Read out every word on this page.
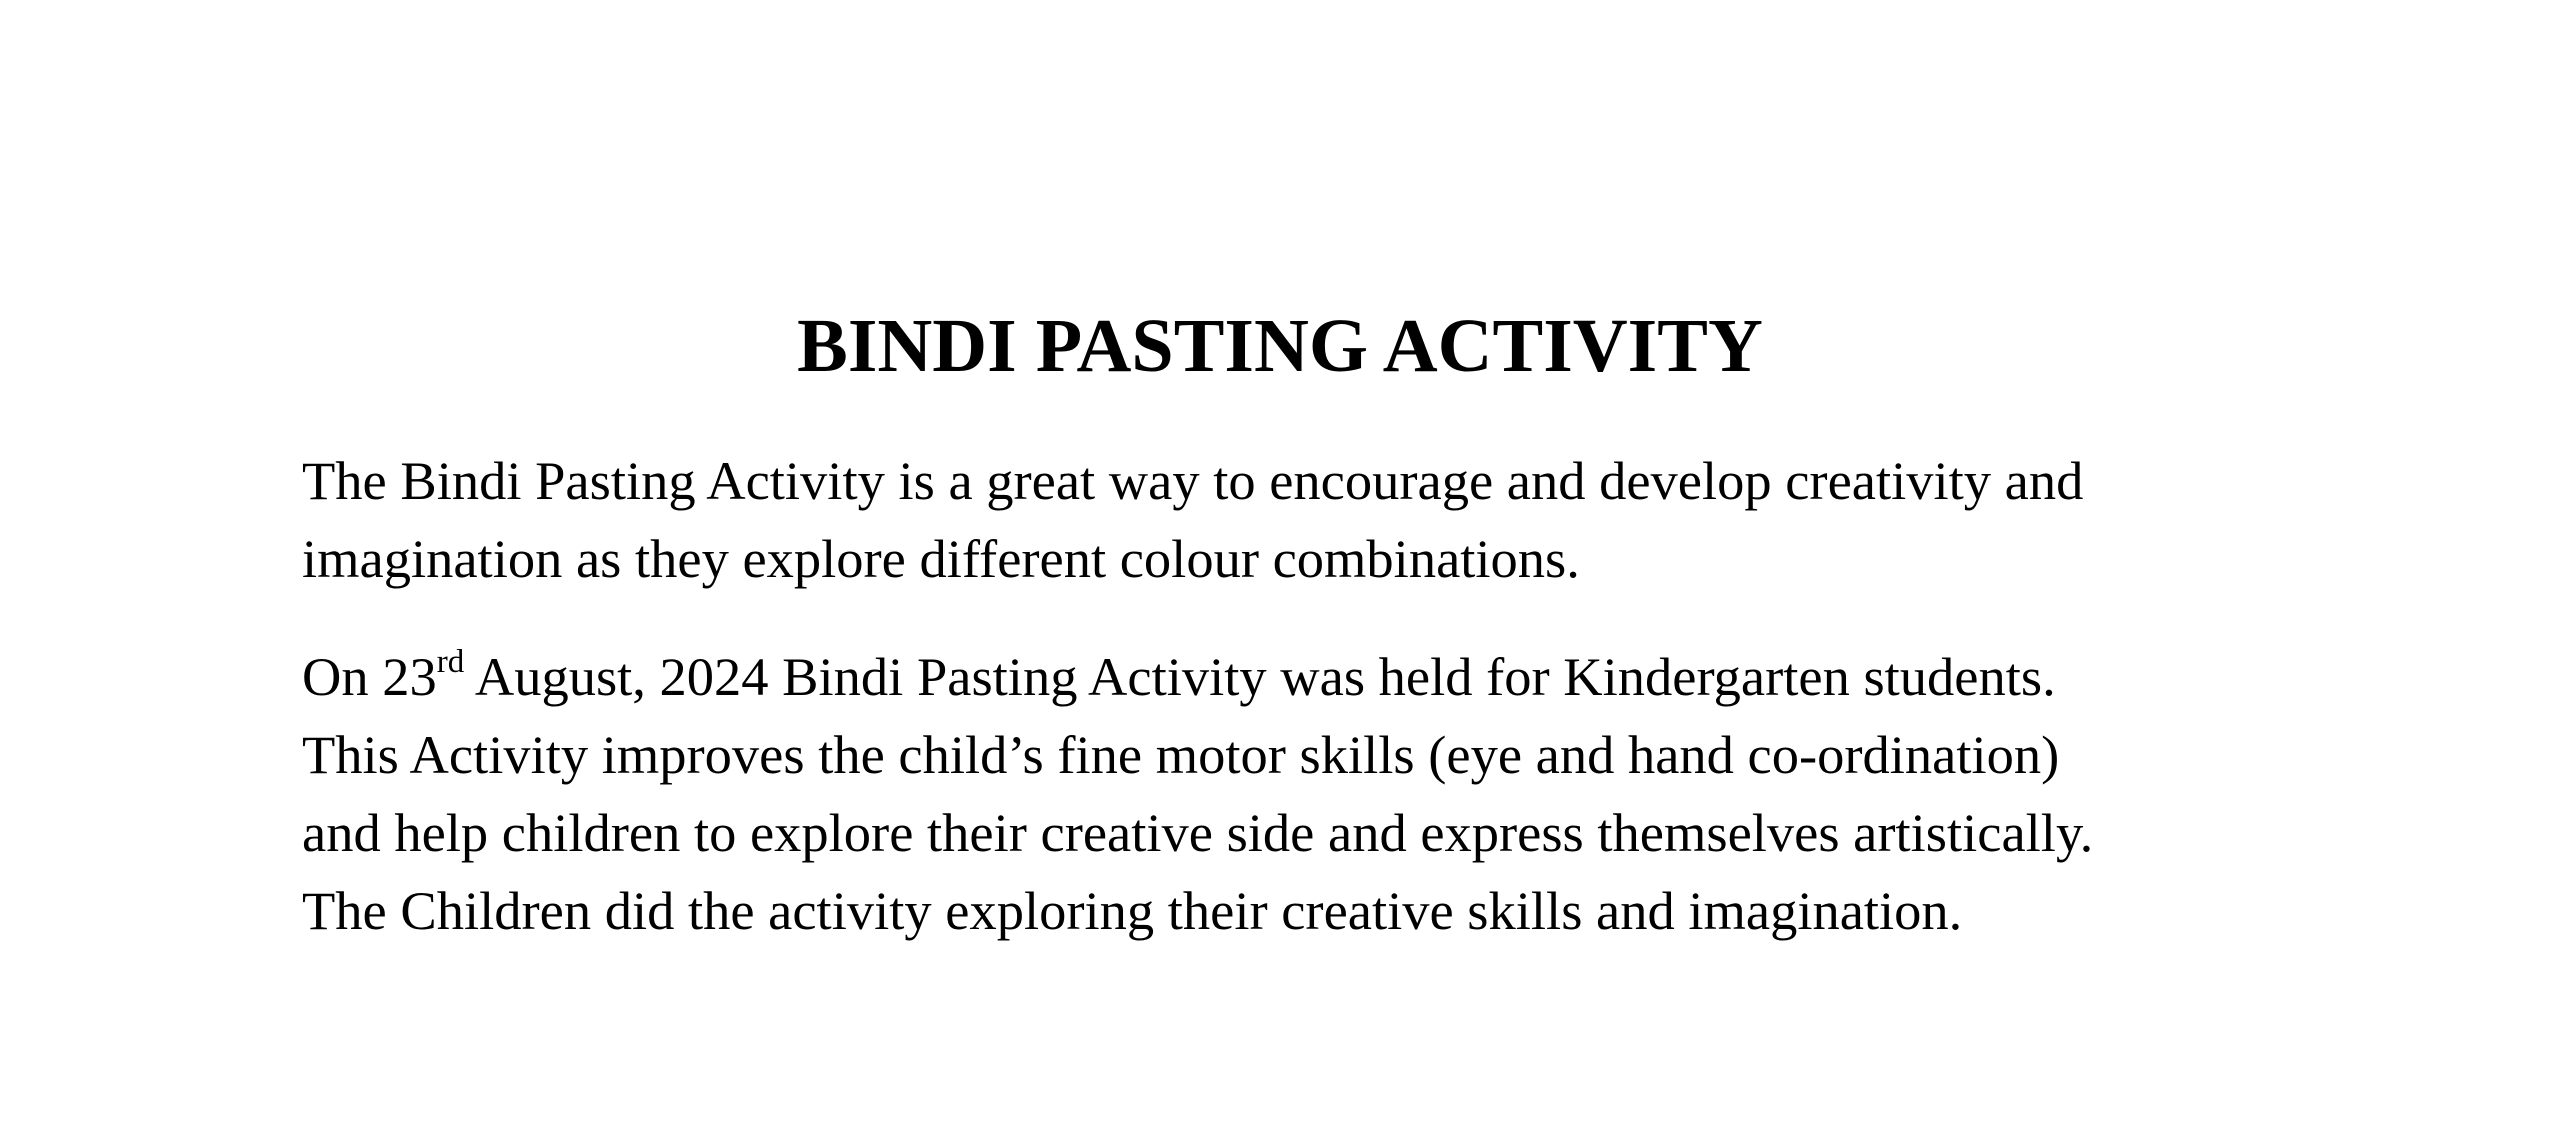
BINDI PASTING ACTIVITY

The Bindi Pasting Activity is a great way to encourage and develop creativity and
imagination as they explore different colour combinations.

On 23rd August, 2024 Bindi Pasting Activity was held for Kindergarten students.
This Activity improves the child’s fine motor skills (eye and hand co-ordination)
and help children to explore their creative side and express themselves artistically.
The Children did the activity exploring their creative skills and imagination.
